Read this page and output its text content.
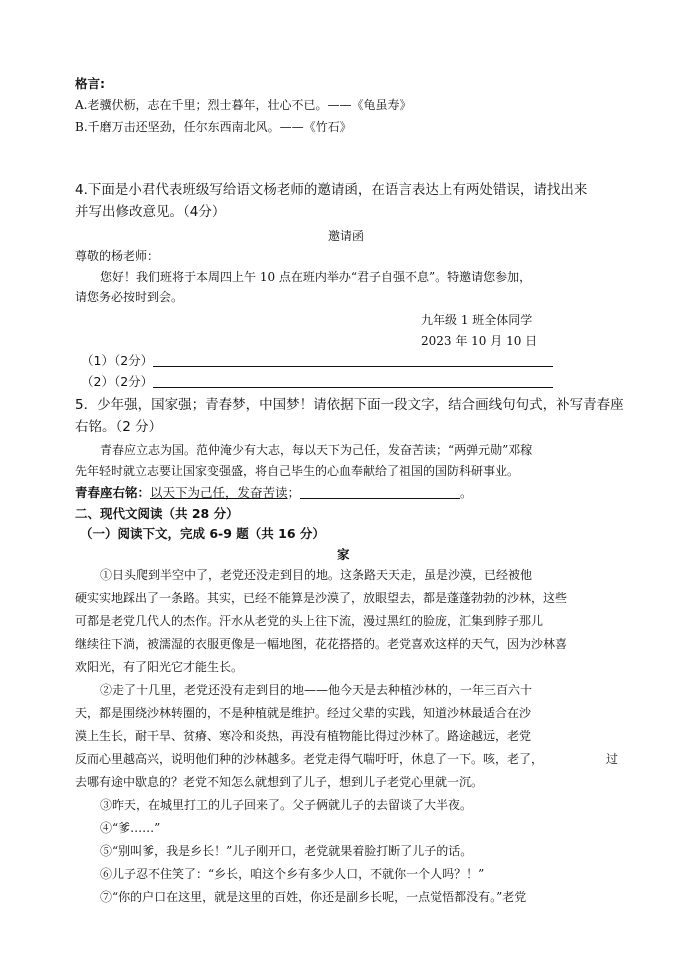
格言:
A.老骥伏枥，志在千里；烈士暮年，壮心不已。——《龟虽寿》
B.千磨万击还坚劲，任尔东西南北风。——《竹石》
4.下面是小君代表班级写给语文杨老师的邀请函，在语言表达上有两处错误，请找出来
并写出修改意见。（4分）
邀请函
尊敬的杨老师：
您好！我们班将于本周四上午 10 点在班内举办“君子自强不息”。特邀请您参加，
请您务必按时到会。
九年级 1 班全体同学
2023 年 10 月 10 日
（1）（2分）
（2）（2分）
5．少年强，国家强；青春梦，中国梦！请依据下面一段文字，结合画线句句式，补写青春座
右铭。（2 分）
青春应立志为国。范仲淹少有大志，每以天下为己任，发奋苦读；“两弹元勋”邓稼
先年轻时就立志要让国家变强盛，将自己毕生的心血奉献给了祖国的国防科研事业。
青春座右铭：以天下为己任，发奋苦读；	。
二、现代文阅读（共 28 分）
（一）阅读下文，完成 6-9 题（共 16 分）
家
①日头爬到半空中了，老党还没走到目的地。这条路天天走，虽是沙漠，已经被他
硬实实地踩出了一条路。其实，已经不能算是沙漠了，放眼望去，都是蓬蓬勃勃的沙林，这些
可都是老党几代人的杰作。汗水从老党的头上往下流，漫过黑红的脸庞，汇集到脖子那儿
继续往下淌，被濡湿的衣服更像是一幅地图，花花搭搭的。老党喜欢这样的天气，因为沙林喜
欢阳光，有了阳光它才能生长。
②走了十几里，老党还没有走到目的地——他今天是去种植沙林的，一年三百六十
天，都是围绕沙林转圈的，不是种植就是维护。经过父辈的实践，知道沙林最适合在沙
漠上生长，耐干旱、贫瘠、寒冷和炎热，再没有植物能比得过沙林了。路途越远，老党
反而心里越高兴，说明他们种的沙林越多。老党走得气喘吁吁，休息了一下。咳，老了，	过
去哪有途中歇息的？老党不知怎么就想到了儿子，想到儿子老党心里就一沉。
③昨天，在城里打工的儿子回来了。父子俩就儿子的去留谈了大半夜。
④“爹……”
⑤“别叫爹，我是乡长！”儿子刚开口，老党就果着脸打断了儿子的话。
⑥儿子忍不住笑了：“乡长，咱这个乡有多少人口，不就你一个人吗？！”
⑦“你的户口在这里，就是这里的百姓，你还是副乡长呢，一点觉悟都没有。”老党
